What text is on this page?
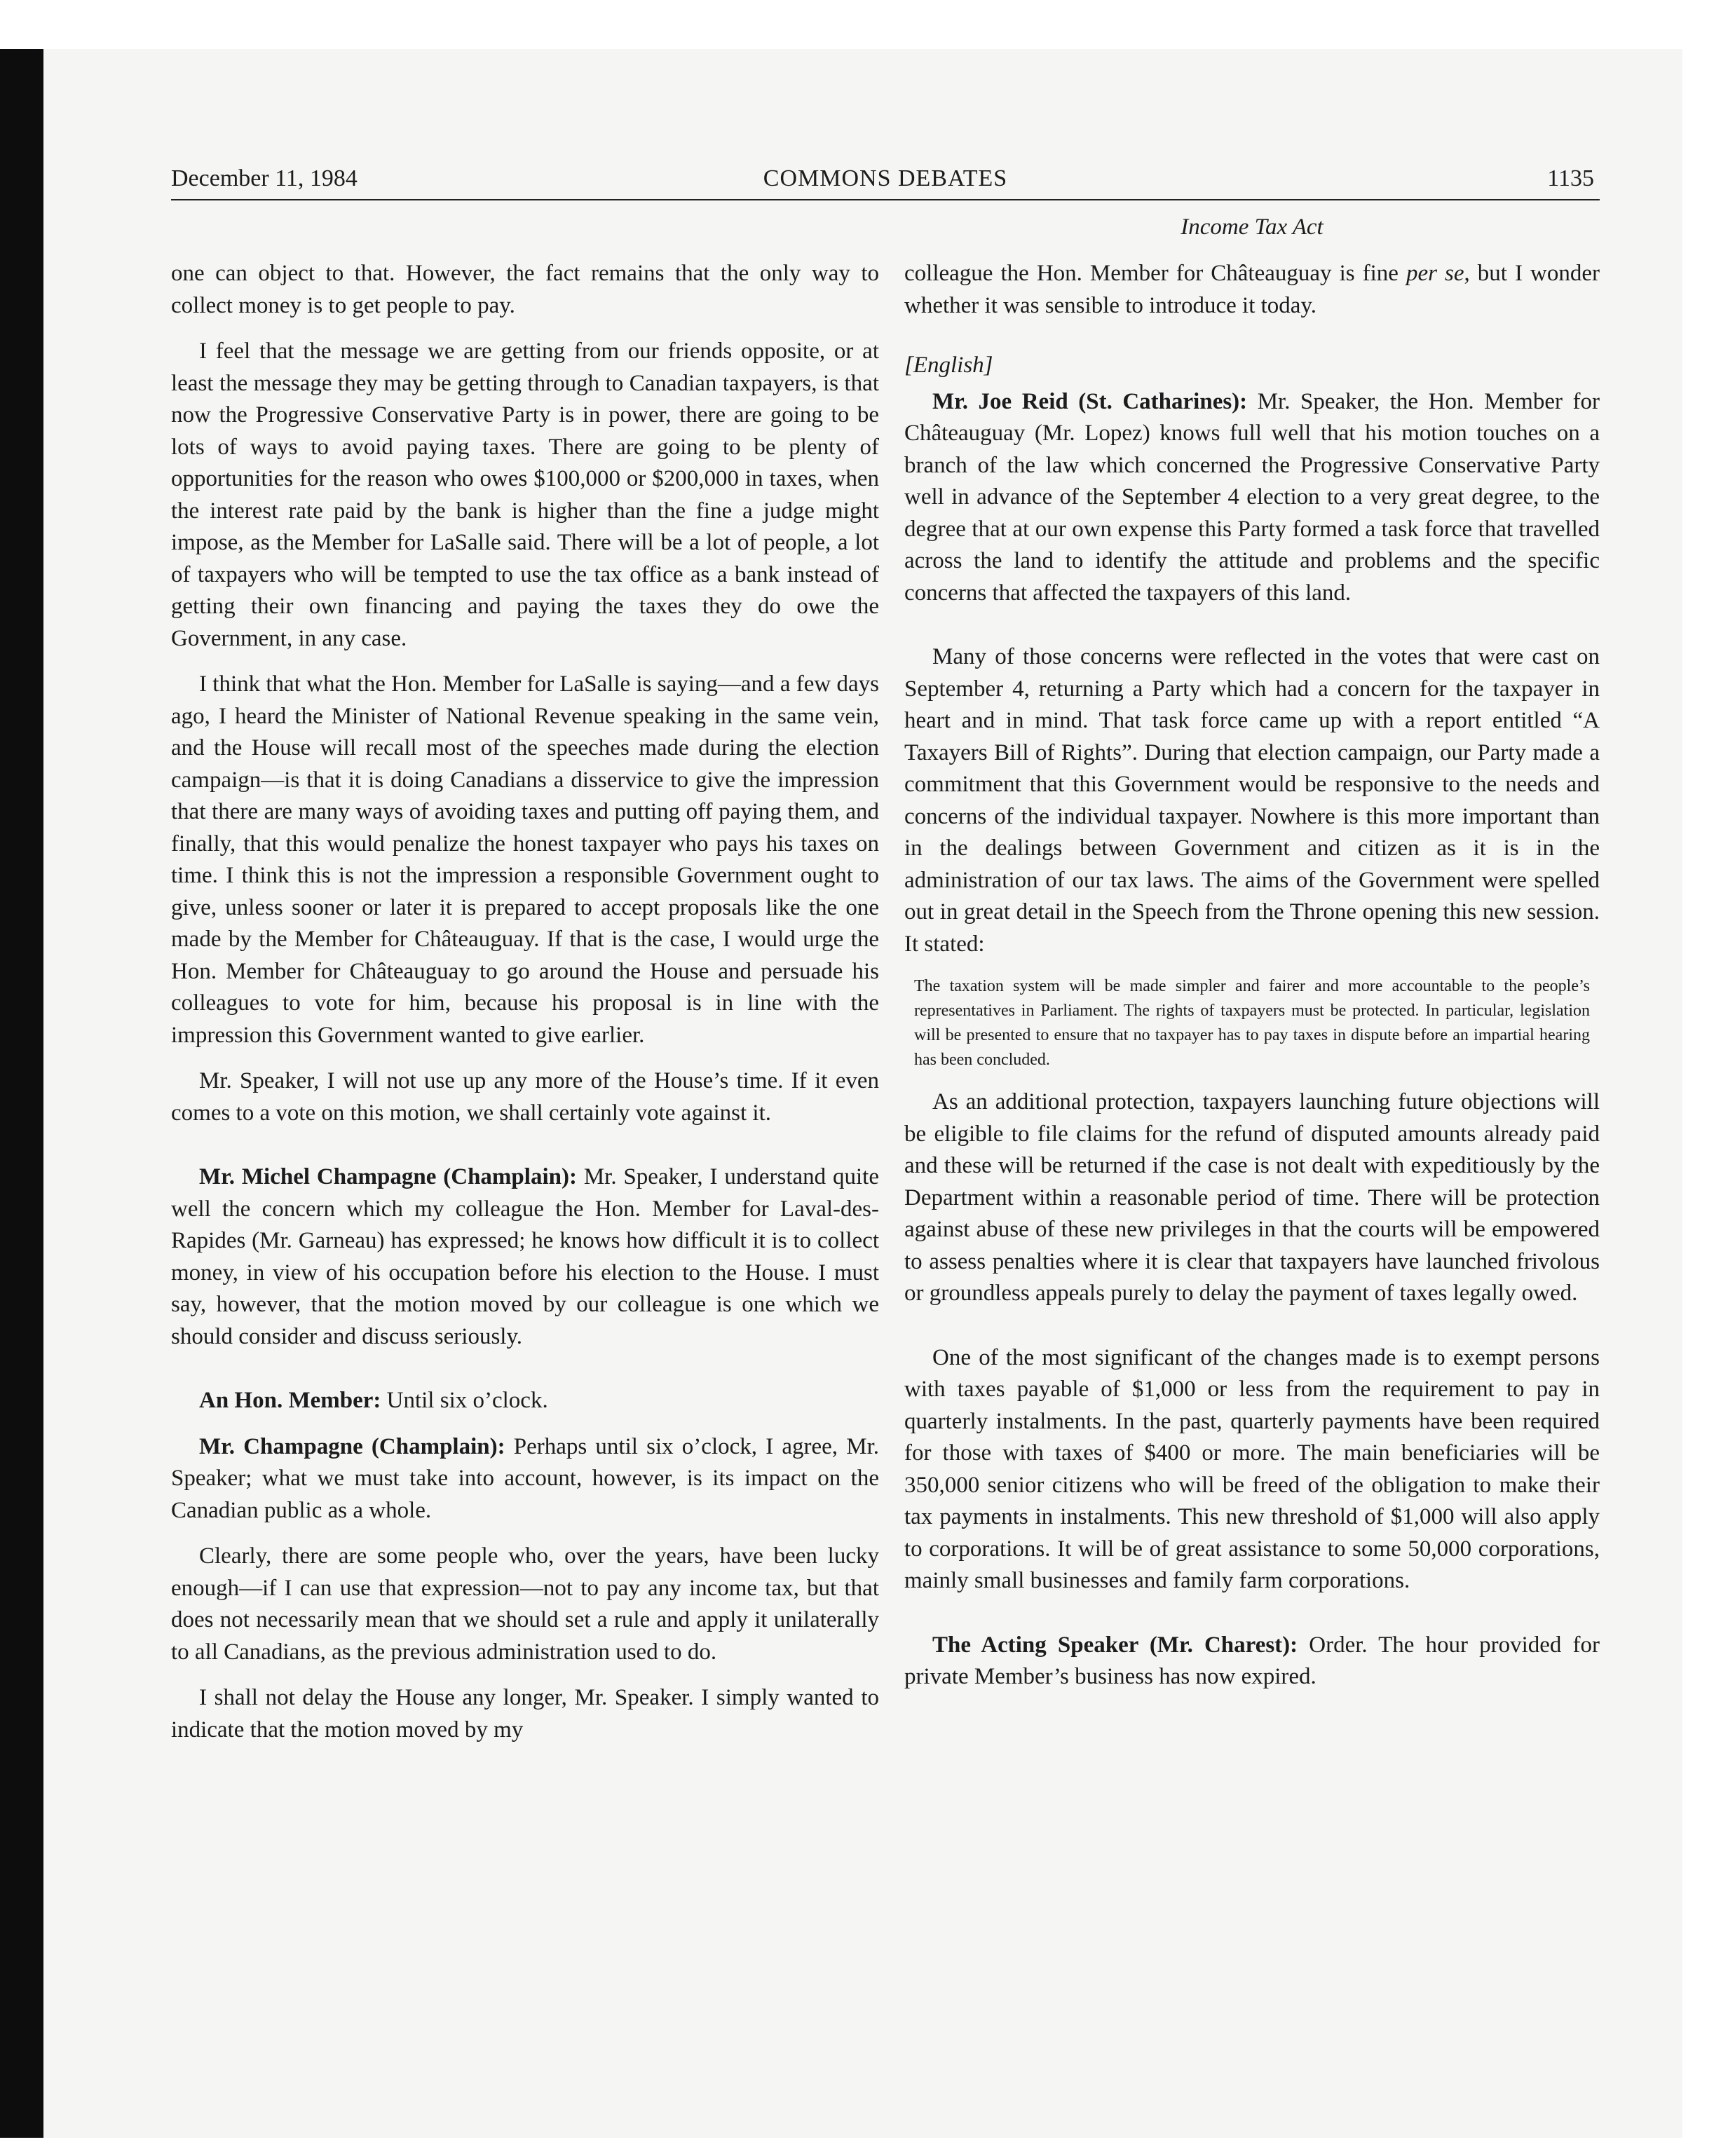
December 11, 1984	COMMONS DEBATES	1135
Income Tax Act

one can object to that. However, the fact remains that the only way to collect money is to get people to pay.

I feel that the message we are getting from our friends opposite, or at least the message they may be getting through to Canadian taxpayers, is that now the Progressive Conservative Party is in power, there are going to be lots of ways to avoid paying taxes. There are going to be plenty of opportunities for the reason who owes $100,000 or $200,000 in taxes, when the interest rate paid by the bank is higher than the fine a judge might impose, as the Member for LaSalle said. There will be a lot of people, a lot of taxpayers who will be tempted to use the tax office as a bank instead of getting their own financing and paying the taxes they do owe the Government, in any case.

I think that what the Hon. Member for LaSalle is saying—and a few days ago, I heard the Minister of National Revenue speaking in the same vein, and the House will recall most of the speeches made during the election campaign—is that it is doing Canadians a disservice to give the impression that there are many ways of avoiding taxes and putting off paying them, and finally, that this would penalize the honest taxpayer who pays his taxes on time. I think this is not the impression a responsible Government ought to give, unless sooner or later it is prepared to accept proposals like the one made by the Member for Châteauguay. If that is the case, I would urge the Hon. Member for Châteauguay to go around the House and persuade his colleagues to vote for him, because his proposal is in line with the impression this Government wanted to give earlier.

Mr. Speaker, I will not use up any more of the House’s time. If it even comes to a vote on this motion, we shall certainly vote against it.

Mr. Michel Champagne (Champlain): Mr. Speaker, I understand quite well the concern which my colleague the Hon. Member for Laval-des-Rapides (Mr. Garneau) has expressed; he knows how difficult it is to collect money, in view of his occupation before his election to the House. I must say, however, that the motion moved by our colleague is one which we should consider and discuss seriously.

An Hon. Member: Until six o’clock.

Mr. Champagne (Champlain): Perhaps until six o’clock, I agree, Mr. Speaker; what we must take into account, however, is its impact on the Canadian public as a whole.

Clearly, there are some people who, over the years, have been lucky enough—if I can use that expression—not to pay any income tax, but that does not necessarily mean that we should set a rule and apply it unilaterally to all Canadians, as the previous administration used to do.

I shall not delay the House any longer, Mr. Speaker. I simply wanted to indicate that the motion moved by my

colleague the Hon. Member for Châteauguay is fine per se, but I wonder whether it was sensible to introduce it today.

[English]

Mr. Joe Reid (St. Catharines): Mr. Speaker, the Hon. Member for Châteauguay (Mr. Lopez) knows full well that his motion touches on a branch of the law which concerned the Progressive Conservative Party well in advance of the September 4 election to a very great degree, to the degree that at our own expense this Party formed a task force that travelled across the land to identify the attitude and problems and the specific concerns that affected the taxpayers of this land.

Many of those concerns were reflected in the votes that were cast on September 4, returning a Party which had a concern for the taxpayer in heart and in mind. That task force came up with a report entitled “A Taxayers Bill of Rights”. During that election campaign, our Party made a commitment that this Government would be responsive to the needs and concerns of the individual taxpayer. Nowhere is this more important than in the dealings between Government and citizen as it is in the administration of our tax laws. The aims of the Government were spelled out in great detail in the Speech from the Throne opening this new session. It stated:

The taxation system will be made simpler and fairer and more accountable to the people’s representatives in Parliament. The rights of taxpayers must be protected. In particular, legislation will be presented to ensure that no taxpayer has to pay taxes in dispute before an impartial hearing has been concluded.

As an additional protection, taxpayers launching future objections will be eligible to file claims for the refund of disputed amounts already paid and these will be returned if the case is not dealt with expeditiously by the Department within a reasonable period of time. There will be protection against abuse of these new privileges in that the courts will be empowered to assess penalties where it is clear that taxpayers have launched frivolous or groundless appeals purely to delay the payment of taxes legally owed.

One of the most significant of the changes made is to exempt persons with taxes payable of $1,000 or less from the requirement to pay in quarterly instalments. In the past, quarterly payments have been required for those with taxes of $400 or more. The main beneficiaries will be 350,000 senior citizens who will be freed of the obligation to make their tax payments in instalments. This new threshold of $1,000 will also apply to corporations. It will be of great assistance to some 50,000 corporations, mainly small businesses and family farm corporations.

The Acting Speaker (Mr. Charest): Order. The hour provided for private Member’s business has now expired.
